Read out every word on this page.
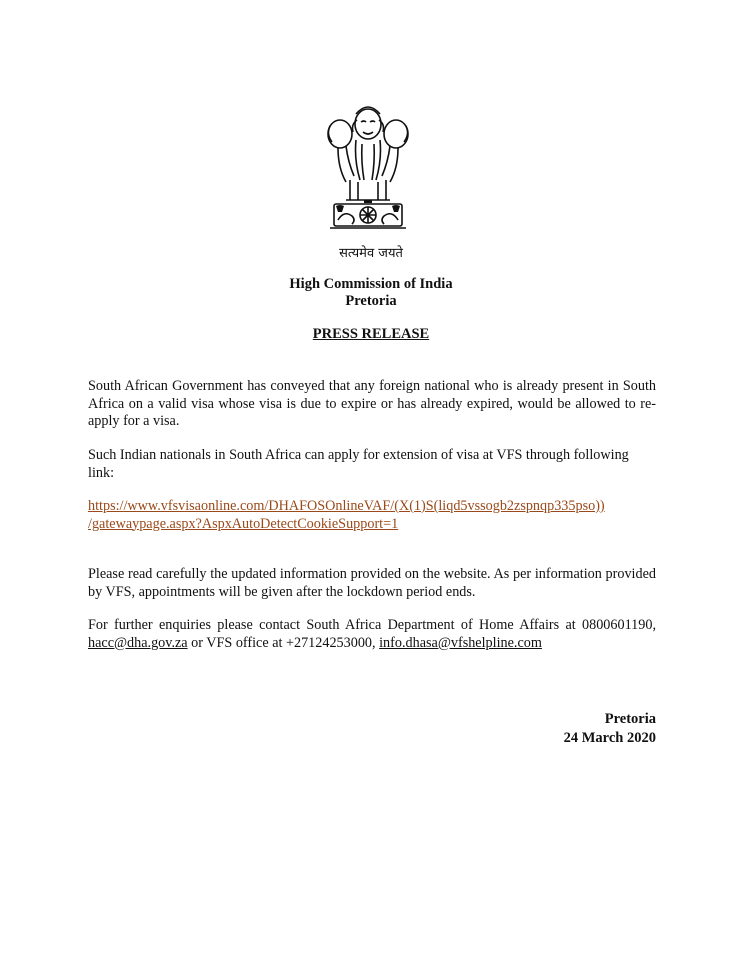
सत्यमेव जयते
High Commission of India
Pretoria
PRESS RELEASE
South African Government has conveyed that any foreign national who is already present in South Africa on a valid visa whose visa is due to expire or has already expired, would be allowed to re-apply for a visa.
Such Indian nationals in South Africa can apply for extension of visa at VFS through following link:
https://www.vfsvisaonline.com/DHAFOSOnlineVAF/(X(1)S(liqd5vssogb2zspnqp335pso))
/gatewaypage.aspx?AspxAutoDetectCookieSupport=1
Please read carefully the updated information provided on the website. As per information provided by VFS, appointments will be given after the lockdown period ends.
For further enquiries please contact South Africa Department of Home Affairs at 0800601190, hacc@dha.gov.za or VFS office at +27124253000, info.dhasa@vfshelpline.com
Pretoria
24 March 2020
